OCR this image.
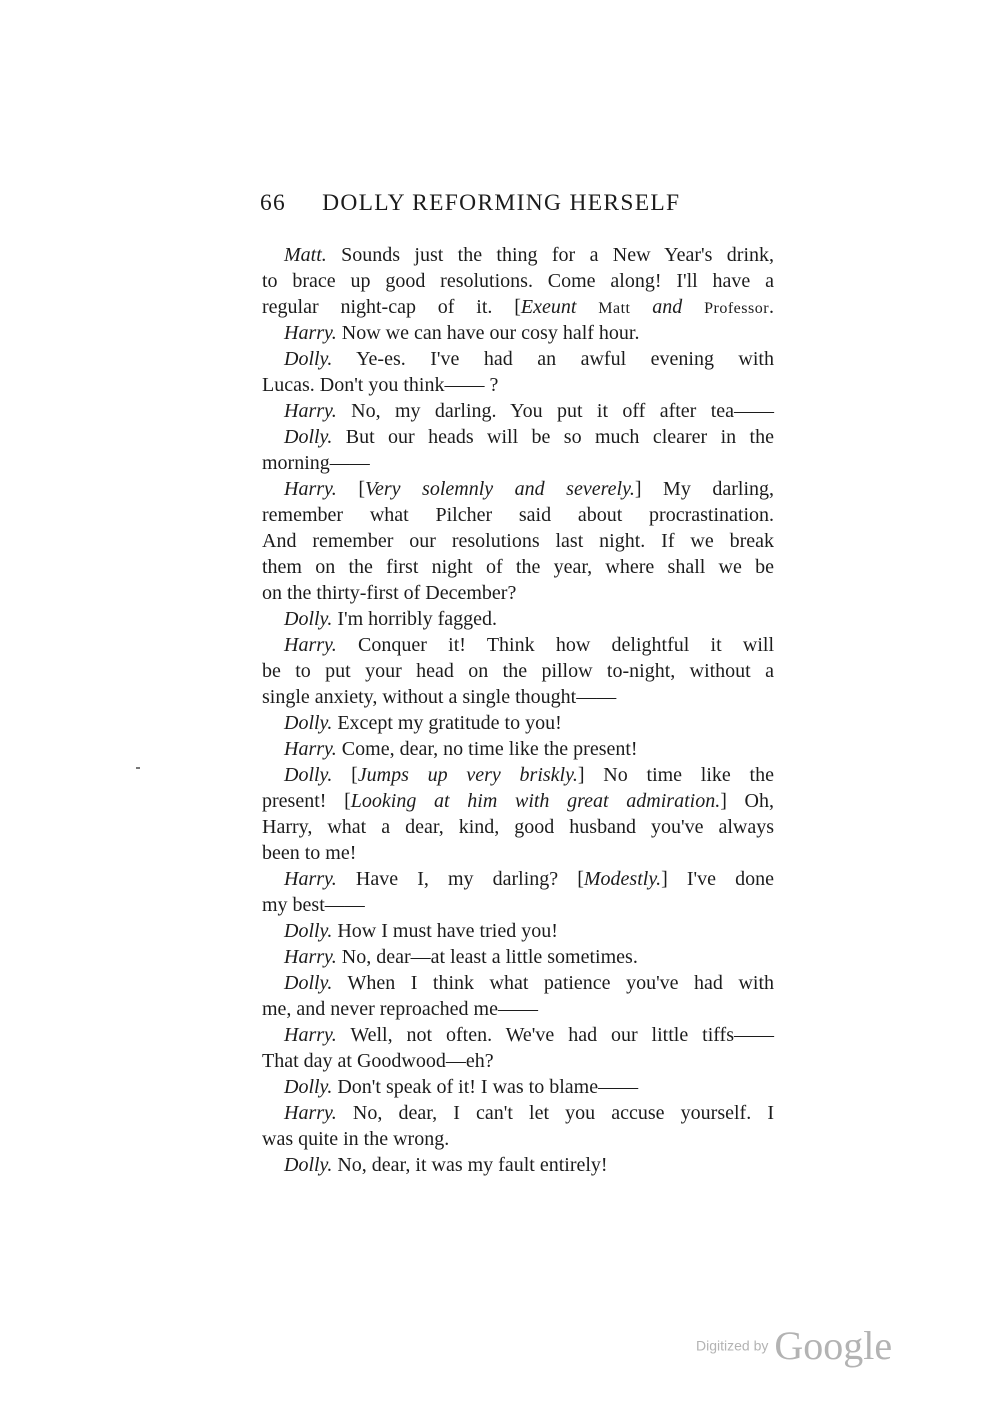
66 DOLLY REFORMING HERSELF
Matt. Sounds just the thing for a New Year's drink,
to brace up good resolutions. Come along! I'll have a
regular night-cap of it. [Exeunt Matt and Professor.
Harry. Now we can have our cosy half hour.
Dolly. Ye-es. I've had an awful evening with
Lucas. Don't you think—— ?
Harry. No, my darling. You put it off after tea——
Dolly. But our heads will be so much clearer in the
morning——
Harry. [Very solemnly and severely.] My darling,
remember what Pilcher said about procrastination.
And remember our resolutions last night. If we break
them on the first night of the year, where shall we be
on the thirty-first of December?
Dolly. I'm horribly fagged.
Harry. Conquer it! Think how delightful it will
be to put your head on the pillow to-night, without a
single anxiety, without a single thought——
Dolly. Except my gratitude to you!
Harry. Come, dear, no time like the present!
Dolly. [Jumps up very briskly.] No time like the
present! [Looking at him with great admiration.] Oh,
Harry, what a dear, kind, good husband you've always
been to me!
Harry. Have I, my darling? [Modestly.] I've done
my best——
Dolly. How I must have tried you!
Harry. No, dear—at least a little sometimes.
Dolly. When I think what patience you've had with
me, and never reproached me——
Harry. Well, not often. We've had our little tiffs——
That day at Goodwood—eh?
Dolly. Don't speak of it! I was to blame——
Harry. No, dear, I can't let you accuse yourself. I
was quite in the wrong.
Dolly. No, dear, it was my fault entirely!
Digitized by Google
